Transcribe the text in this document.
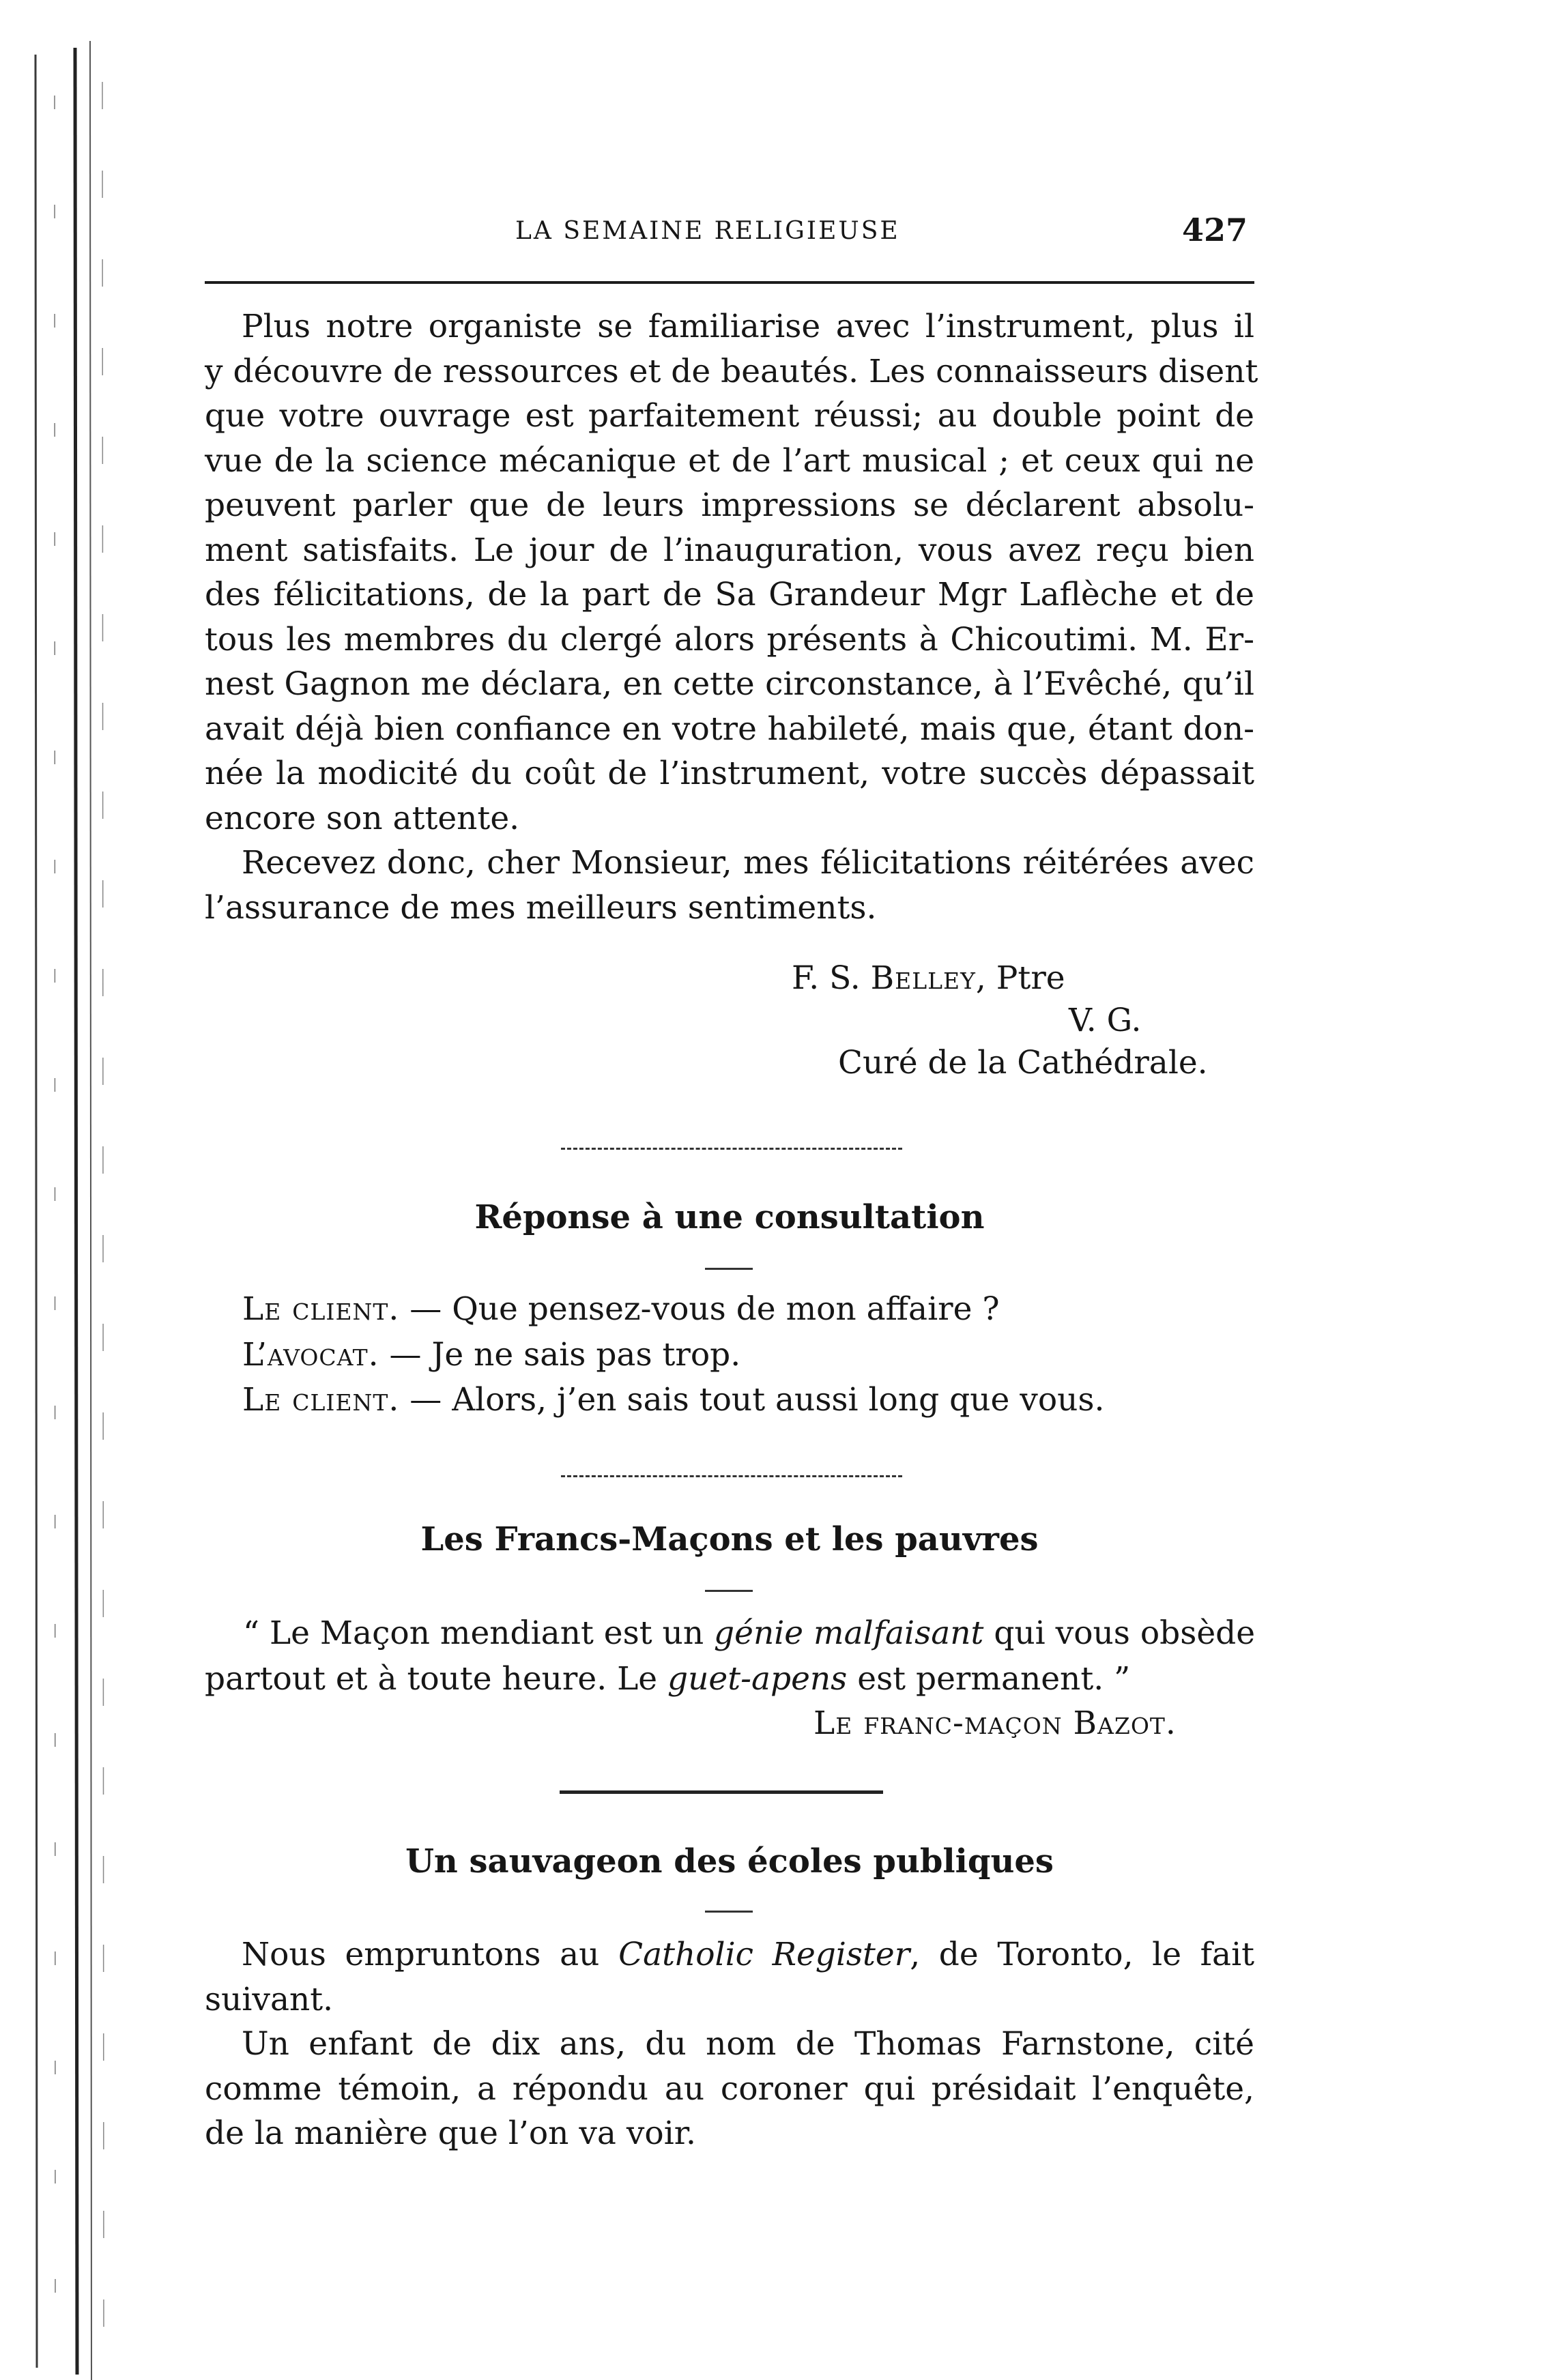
LA SEMAINE RELIGIEUSE	427
Plus notre organiste se familiarise avec l’instrument, plus il
y découvre de ressources et de beautés. Les connaisseurs disent
que votre ouvrage est parfaitement réussi; au double point de
vue de la science mécanique et de l’art musical ; et ceux qui ne
peuvent parler que de leurs impressions se déclarent absolu-
ment satisfaits. Le jour de l’inauguration, vous avez reçu bien
des félicitations, de la part de Sa Grandeur Mgr Laflèche et de
tous les membres du clergé alors présents à Chicoutimi. M. Er-
nest Gagnon me déclara, en cette circonstance, à l’Evêché, qu’il
avait déjà bien confiance en votre habileté, mais que, étant don-
née la modicité du coût de l’instrument, votre succès dépassait
encore son attente.
Recevez donc, cher Monsieur, mes félicitations réitérées avec
l’assurance de mes meilleurs sentiments.
F. S. Belley, Ptre
V. G.
Curé de la Cathédrale.
Réponse à une consultation
Le client. — Que pensez-vous de mon affaire ?
L’avocat. — Je ne sais pas trop.
Le client. — Alors, j’en sais tout aussi long que vous.
Les Francs-Maçons et les pauvres
“ Le Maçon mendiant est un génie malfaisant qui vous obsède
partout et à toute heure. Le guet-apens est permanent. ”
Le franc-maçon Bazot.
Un sauvageon des écoles publiques
Nous empruntons au Catholic Register, de Toronto, le fait
suivant.
Un enfant de dix ans, du nom de Thomas Farnstone, cité
comme témoin, a répondu au coroner qui présidait l’enquête,
de la manière que l’on va voir.
